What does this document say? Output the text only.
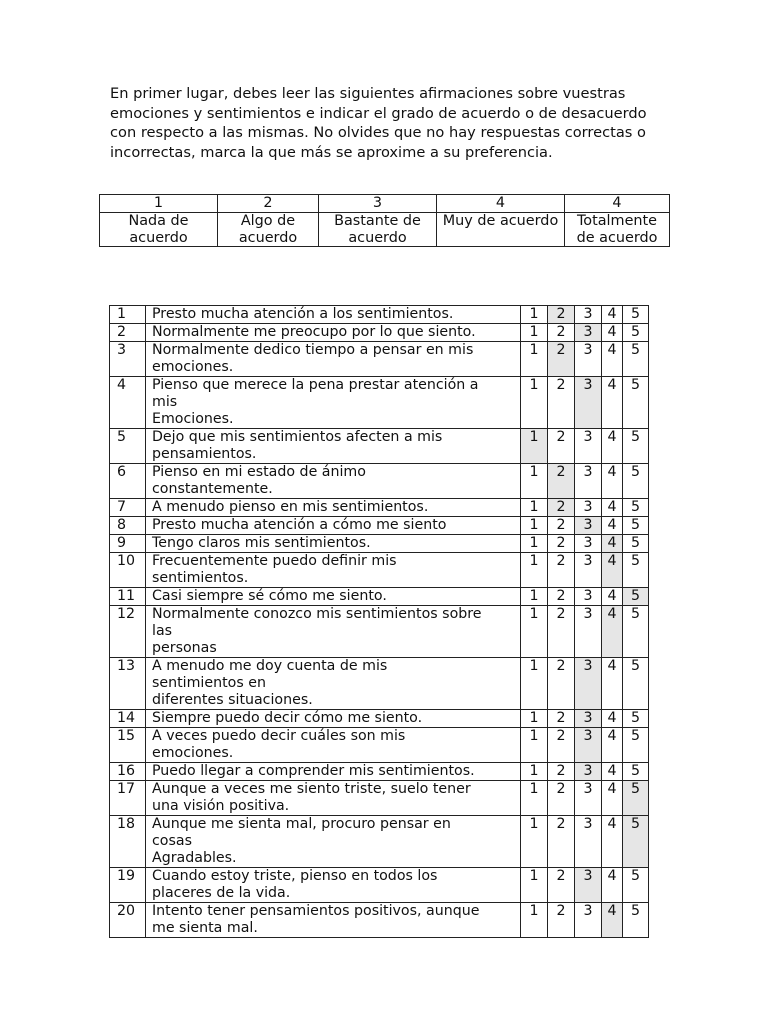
En primer lugar, debes leer las siguientes afirmaciones sobre vuestras emociones y sentimientos e indicar el grado de acuerdo o de desacuerdo con respecto a las mismas. No olvides que no hay respuestas correctas o incorrectas, marca la que más se aproxime a su preferencia.

1	2	3	4	4
Nada de acuerdo	Algo de acuerdo	Bastante de acuerdo	Muy de acuerdo	Totalmente de acuerdo
1	Presto mucha atención a los sentimientos.	1	2	3	4	5
2	Normalmente me preocupo por lo que siento.	1	2	3	4	5
3	Normalmente dedico tiempo a pensar en mis
emociones.	1	2	3	4	5
4	Pienso que merece la pena prestar atención a
mis
Emociones.	1	2	3	4	5
5	Dejo que mis sentimientos afecten a mis
pensamientos.	1	2	3	4	5
6	Pienso en mi estado de ánimo
constantemente.	1	2	3	4	5
7	A menudo pienso en mis sentimientos.	1	2	3	4	5
8	Presto mucha atención a cómo me siento	1	2	3	4	5
9	Tengo claros mis sentimientos.	1	2	3	4	5
10	Frecuentemente puedo definir mis
sentimientos.	1	2	3	4	5
11	Casi siempre sé cómo me siento.	1	2	3	4	5
12	Normalmente conozco mis sentimientos sobre
las
personas	1	2	3	4	5
13	A menudo me doy cuenta de mis
sentimientos en
diferentes situaciones.	1	2	3	4	5
14	Siempre puedo decir cómo me siento.	1	2	3	4	5
15	A veces puedo decir cuáles son mis
emociones.	1	2	3	4	5
16	Puedo llegar a comprender mis sentimientos.	1	2	3	4	5
17	Aunque a veces me siento triste, suelo tener
una visión positiva.	1	2	3	4	5
18	Aunque me sienta mal, procuro pensar en
cosas
Agradables.	1	2	3	4	5
19	Cuando estoy triste, pienso en todos los
placeres de la vida.	1	2	3	4	5
20	Intento tener pensamientos positivos, aunque
me sienta mal.	1	2	3	4	5
